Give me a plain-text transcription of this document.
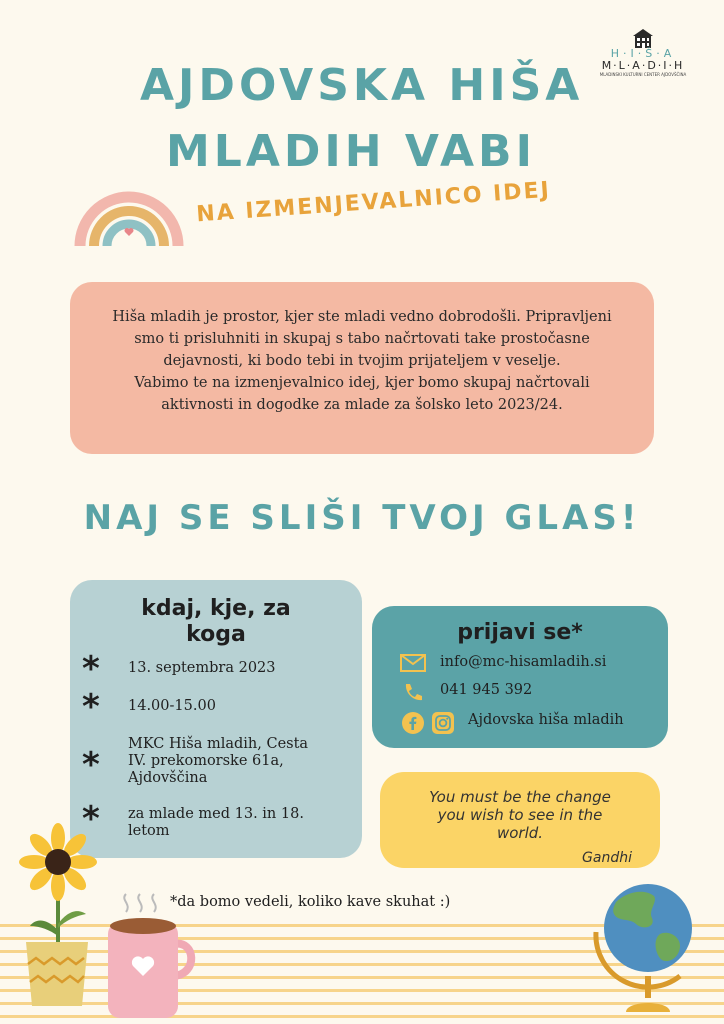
H·I·Š·A
M·L·A·D·I·H
MLADINSKI KULTURNI CENTER AJDOVŠČINA
AJDOVSKA HIŠA
MLADIH VABI
NA IZMENJEVALNICO IDEJ

Hiša mladih je prostor, kjer ste mladi vedno dobrodošli. Pripravljeni smo ti prisluhniti in skupaj s tabo načrtovati take prostočasne dejavnosti, ki bodo tebi in tvojim prijateljem v veselje.

Vabimo te na izmenjevalnico idej, kjer bomo skupaj načrtovali aktivnosti in dogodke za mlade za šolsko leto 2023/24.

NAJ SE SLIŠI TVOJ GLAS!
kdaj, kje, za koga
* 13. septembra 2023
* 14.00-15.00
*
MKC Hiša mladih, Cesta IV. prekomorske 61a, Ajdovščina
* za mlade med 13. in 18. letom
prijavi se*
info@mc-hisamladih.si
041 945 392
Ajdovska hiša mladih
You must be the change you wish to see in the world.
Gandhi
*da bomo vedeli, koliko kave skuhat :)
